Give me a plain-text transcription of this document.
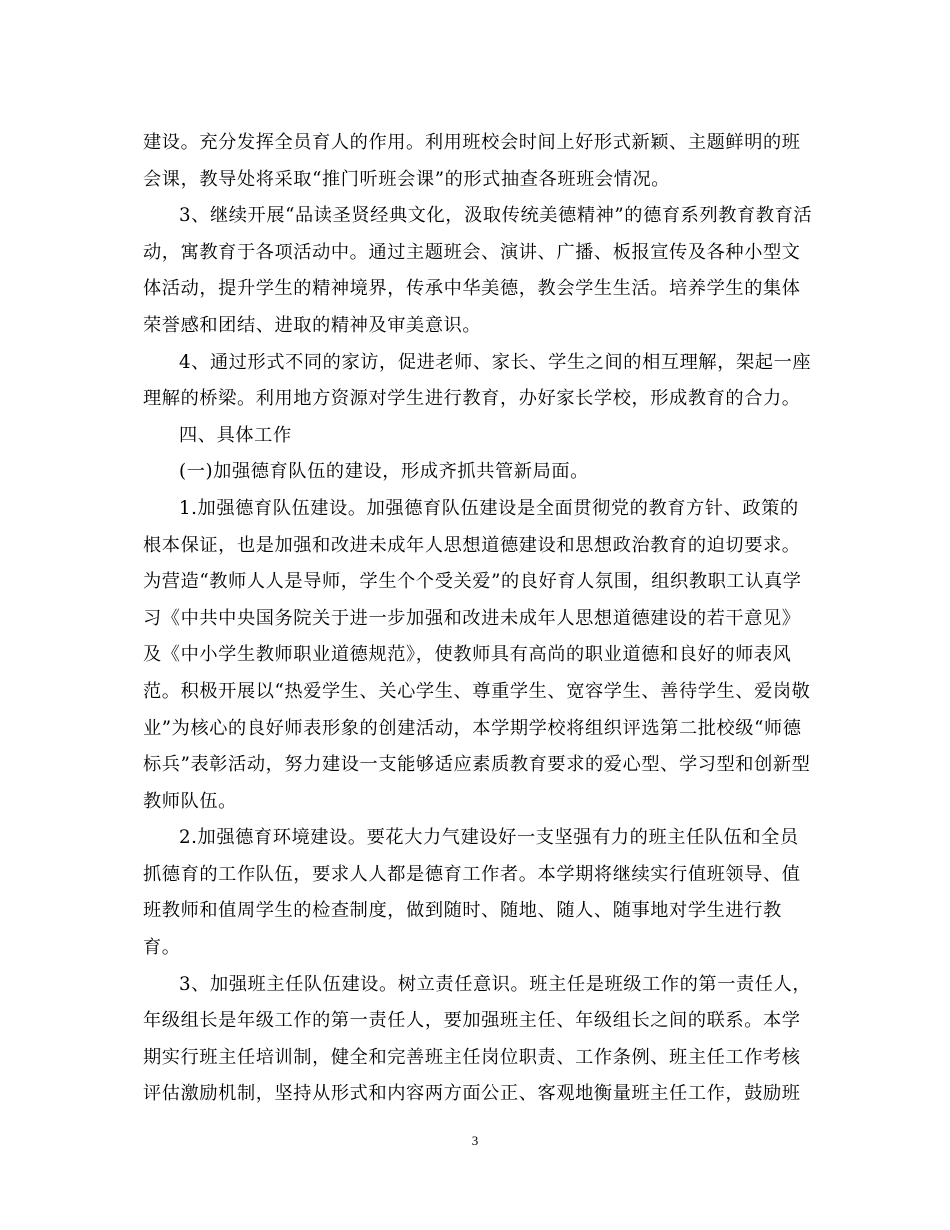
建设。充分发挥全员育人的作用。利用班校会时间上好形式新颖、主题鲜明的班
会课，教导处将采取“推门听班会课”的形式抽查各班班会情况。
3、继续开展“品读圣贤经典文化，汲取传统美德精神”的德育系列教育教育活
动，寓教育于各项活动中。通过主题班会、演讲、广播、板报宣传及各种小型文
体活动，提升学生的精神境界，传承中华美德，教会学生生活。培养学生的集体
荣誉感和团结、进取的精神及审美意识。
4、通过形式不同的家访，促进老师、家长、学生之间的相互理解，架起一座
理解的桥梁。利用地方资源对学生进行教育，办好家长学校，形成教育的合力。
四、具体工作
(一)加强德育队伍的建设，形成齐抓共管新局面。
1.加强德育队伍建设。加强德育队伍建设是全面贯彻党的教育方针、政策的
根本保证，也是加强和改进未成年人思想道德建设和思想政治教育的迫切要求。
为营造“教师人人是导师，学生个个受关爱”的良好育人氛围，组织教职工认真学
习《中共中央国务院关于进一步加强和改进未成年人思想道德建设的若干意见》
及《中小学生教师职业道德规范》，使教师具有高尚的职业道德和良好的师表风
范。积极开展以“热爱学生、关心学生、尊重学生、宽容学生、善待学生、爱岗敬
业”为核心的良好师表形象的创建活动，本学期学校将组织评选第二批校级“师德
标兵”表彰活动，努力建设一支能够适应素质教育要求的爱心型、学习型和创新型
教师队伍。
2.加强德育环境建设。要花大力气建设好一支坚强有力的班主任队伍和全员
抓德育的工作队伍，要求人人都是德育工作者。本学期将继续实行值班领导、值
班教师和值周学生的检查制度，做到随时、随地、随人、随事地对学生进行教
育。
3、加强班主任队伍建设。树立责任意识。班主任是班级工作的第一责任人，
年级组长是年级工作的第一责任人，要加强班主任、年级组长之间的联系。本学
期实行班主任培训制，健全和完善班主任岗位职责、工作条例、班主任工作考核
评估激励机制，坚持从形式和内容两方面公正、客观地衡量班主任工作，鼓励班
3
